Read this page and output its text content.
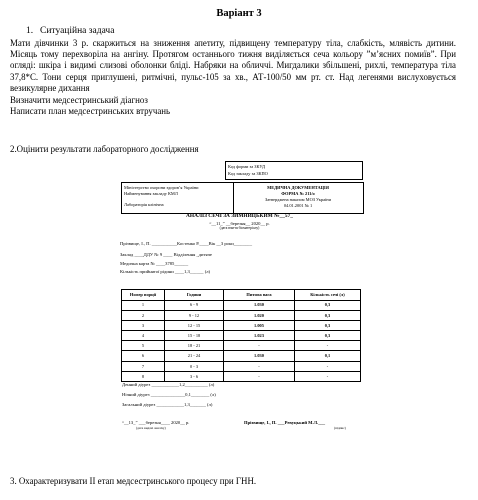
Варіант 3
1. Ситуаційна задача
Мати дівчинки 3 р. скаржиться на зниження апетиту, підвищену температуру тіла, слабкість, млявість дитини. Місяць тому перехворіла на ангіну. Протягом останнього тижня виділяється сеча кольору ”м’ясних помиїв”. При огляді: шкіра і видимі слизові оболонки бліді. Набряки на обличчі. Мигдалики збільшені, рихлі, температура тіла 37,8*С. Тони серця приглушені, ритмічні, пульс-105 за хв., АТ-100/50 мм рт. ст. Над легенями вислуховується везикулярне дихання
Визначити медсестринський діагноз
Написати план медсестринських втручань
2.Оцінити результати лабораторного дослідження
Код форми за ЗКУД
Код закладу за ЗКПО
Міністерство охорони здоров’я України
Найменування закладу КМЛ
Лабораторія клінічна
МЕДИЧНА ДОКУМЕНТАЦІЯ
ФОРМА № 211/о
Затверджена наказом МОЗ України
04.01.2001 № 1
АНАЛІЗ СЕЧІ ЗА ЗИМНИЦЬКИМ №__57_
“__11_” __березня__ 2020__ р.
(дата взяття біоматеріалу)
Прізвище, І., П. ___________Костенко Р.____Вік __3 роки________
Заклад ____ДДУ № 9 ____ Відділення _дитяче
Медична карта № ____3785______
Кількість прийнятої рідини ____1,3______ (л)
Номер порції	Години	Питома вага	Кількість сечі (л)
1	6 - 9	1.030	0,3
2	9 - 12	1.020	0,3
3	12 - 15	1.005	0,3
4	15 - 18	1.023	0,3
5	18 - 21	-	-
6	21 - 24	1.030	0,1
7	0 - 3	-	-
8	3 - 6	-	-
Денний діурез ____________1,2__________ (л)
Нічний діурез _______________0,1________ (л)
Загальний діурез ____________1,3_______ (л)
“__13_” ___березня____ 2020__ р.
(дата видачі аналізу)
Прізвище, І., П. ___Ревуцький М.Л.___
(підпис)
3. Охарактеризувати ІІ етап медсестринського процесу при ГНН.
